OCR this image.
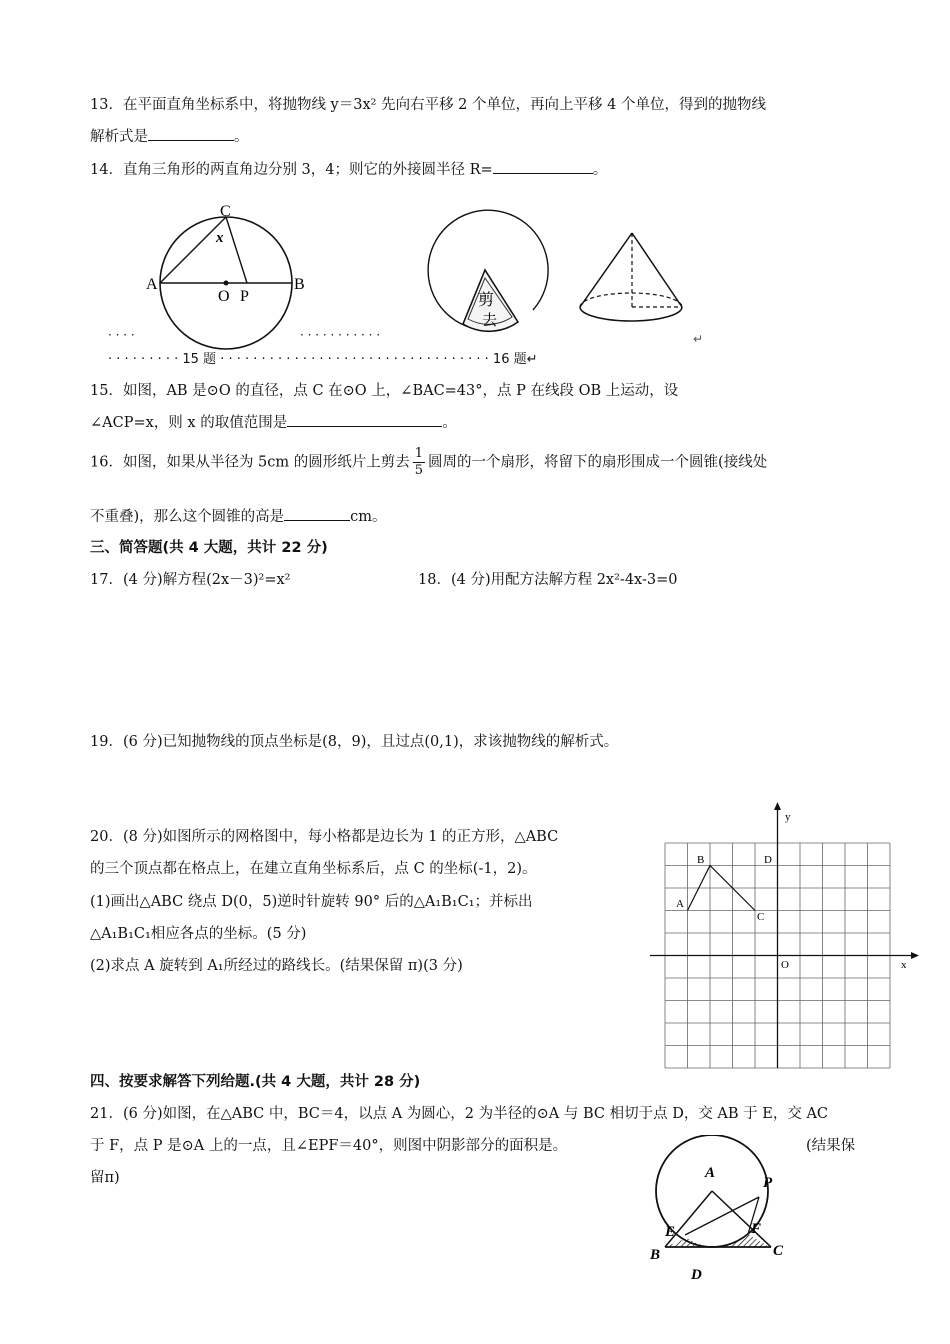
13．在平面直角坐标系中，将抛物线 y＝3x² 先向右平移 2 个单位，再向上平移 4 个单位，得到的抛物线
解析式是	。
14．直角三角形的两直角边分别 3，4；则它的外接圆半径 R=	。
C
x
A
O P
B
剪
去
· · · ·	· · · · · · · · · · ·	↵
· · · · · · · · · 15 题 · · · · · · · · · · · · · · · · · · · · · · · · · · · · · · · · · 16 题↵
15．如图，AB 是⊙O 的直径，点 C 在⊙O 上，∠BAC=43°，点 P 在线段 OB 上运动，设
∠ACP=x，则 x 的取值范围是	。
16．如图，如果从半径为 5cm 的圆形纸片上剪去 $\frac{1}{5}$ 圆周的一个扇形，将留下的扇形围成一个圆锥(接线处
不重叠)，那么这个圆锥的高是	cm。
三、简答题(共 4 大题，共计 22 分)
17．(4 分)解方程(2x－3)²=x²	18．(4 分)用配方法解方程 2x²-4x-3=0
19．(6 分)已知抛物线的顶点坐标是(8，9)，且过点(0,1)，求该抛物线的解析式。
20．(8 分)如图所示的网格图中，每小格都是边长为 1 的正方形，△ABC
的三个顶点都在格点上，在建立直角坐标系后，点 C 的坐标(-1，2)。
(1)画出△ABC 绕点 D(0，5)逆时针旋转 90° 后的△A₁B₁C₁；并标出
△A₁B₁C₁相应各点的坐标。(5 分)
(2)求点 A 旋转到 A₁所经过的路线长。(结果保留 π)(3 分)
y
x
O
A
B
C
D
四、按要求解答下列给题.(共 4 大题，共计 28 分)
21．(6 分)如图，在△ABC 中，BC＝4，以点 A 为圆心，2 为半径的⊙A 与 BC 相切于点 D，交 AB 于 E，交 AC
于 F，点 P 是⊙A 上的一点，且∠EPF＝40°，则图中阴影部分的面积是。	(结果保
留π)	A
P
E	F
B	C
D
